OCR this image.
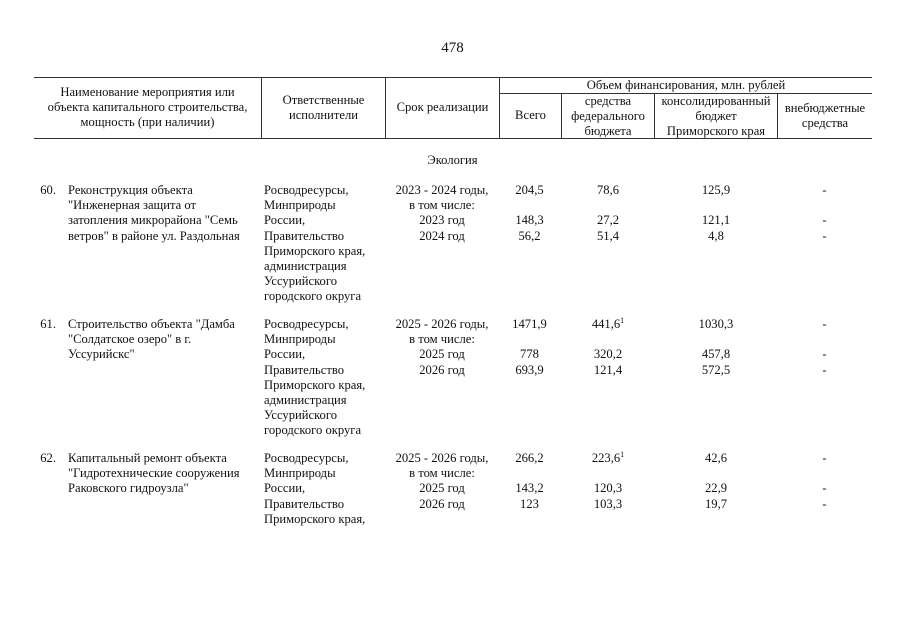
478
Наименование мероприятия или
объекта капитального строительства,
мощность (при наличии)
Ответственные
исполнители
Срок реализации
Объем финансирования, млн. рублей
Всего
средства
федерального
бюджета
консолидированный
бюджет
Приморского края
внебюджетные
средства
Экология
60. Реконструкция объекта "Инженерная защита от затопления микрорайона "Семь ветров" в районе ул. Раздольная
Росводресурсы,
Минприроды
России,
Правительство
Приморского края,
администрация
Уссурийского
городского округа
2023 - 2024 годы,
в том числе:
2023 год
2024 год
204,5
148,3
56,2
78,6
27,2
51,4
125,9
121,1
4,8
-
-
-
61. Строительство объекта "Дамба "Солдатское озеро" в г. Уссурийскс"
Росводресурсы,
Минприроды
России,
Правительство
Приморского края,
администрация
Уссурийского
городского округа
2025 - 2026 годы,
в том числе:
2025 год
2026 год
1471,9
778
693,9
441,6$^1$
320,2
121,4
1030,3
457,8
572,5
-
-
-
62. Капитальный ремонт объекта "Гидротехнические сооружения Раковского гидроузла"
Росводресурсы,
Минприроды
России,
Правительство
Приморского края,
2025 - 2026 годы,
в том числе:
2025 год
2026 год
266,2
143,2
123
223,6$^1$
120,3
103,3
42,6
22,9
19,7
-
-
-
